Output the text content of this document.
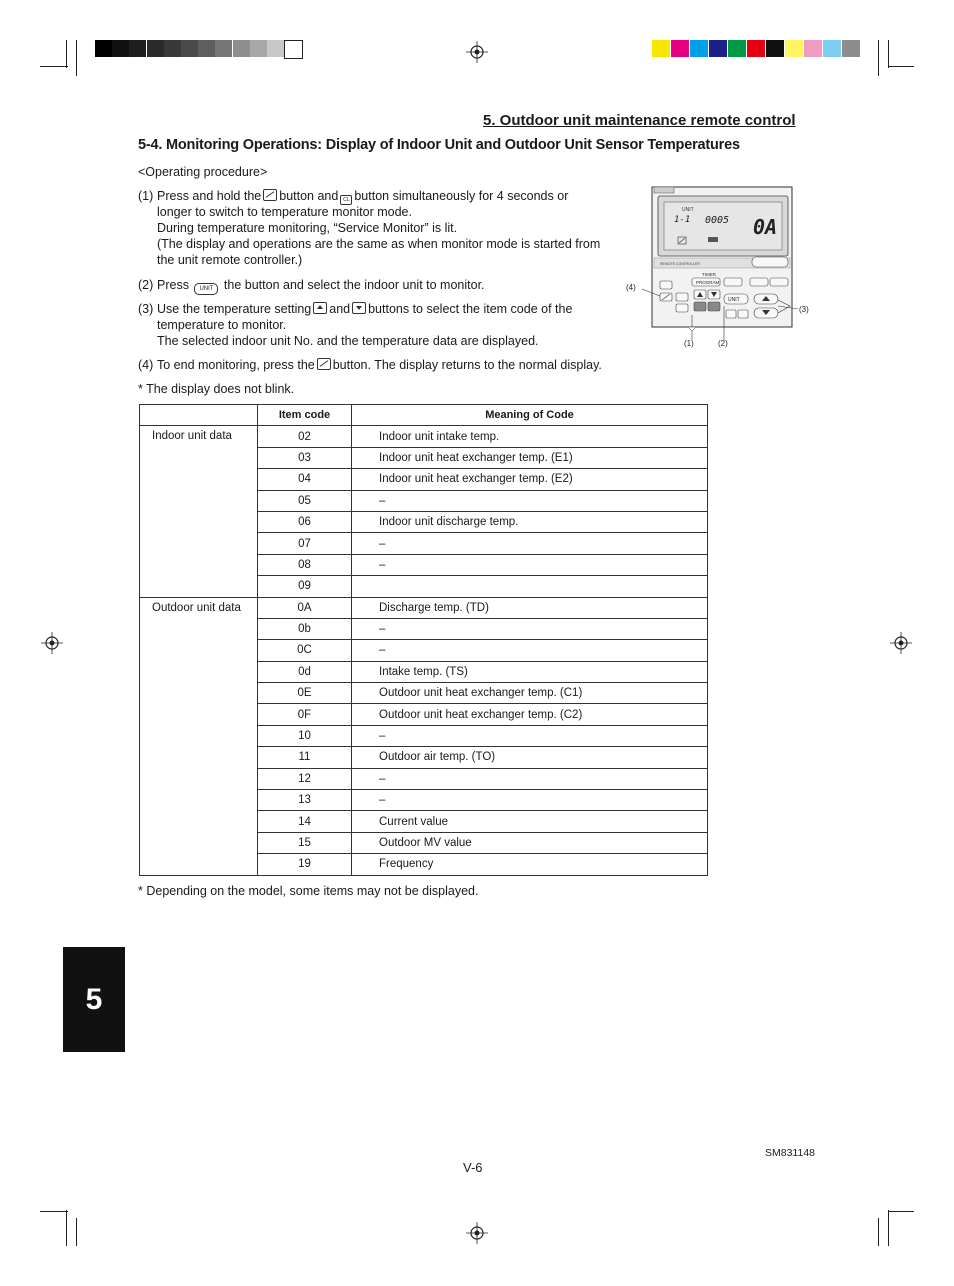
5. Outdoor unit maintenance remote control
5-4. Monitoring Operations: Display of Indoor Unit and Outdoor Unit Sensor Temperatures
<Operating procedure>
(1) Press and hold the button and CL button simultaneously for 4 seconds or
longer to switch to temperature monitor mode.
During temperature monitoring, “Service Monitor” is lit.
(The display and operations are the same as when monitor mode is started from
the unit remote controller.)
(2) Press UNIT the button and select the indoor unit to monitor.
(3) Use the temperature setting and buttons to select the item code of the
temperature to monitor.
The selected indoor unit No. and the temperature data are displayed.
(4) To end monitoring, press the button. The display returns to the normal display.
* The display does not blink.
UNIT
1-1 0005 0A
REMOTE CONTROLLER
TIMER
PROGRAM
UNIT
(4)
(3)
(1)	(2)
	Item code	Meaning of Code
Indoor unit data	02	Indoor unit intake temp.
	03	Indoor unit heat exchanger temp. (E1)
	04	Indoor unit heat exchanger temp. (E2)
	05	–
	06	Indoor unit discharge temp.
	07	–
	08	–
	09	
Outdoor unit data	0A	Discharge temp. (TD)
	0b	–
	0C	–
	0d	Intake temp. (TS)
	0E	Outdoor unit heat exchanger temp. (C1)
	0F	Outdoor unit heat exchanger temp. (C2)
	10	–
	11	Outdoor air temp. (TO)
	12	–
	13	–
	14	Current value
	15	Outdoor MV value
	19	Frequency
* Depending on the model, some items may not be displayed.
5
SM831148
V-6
